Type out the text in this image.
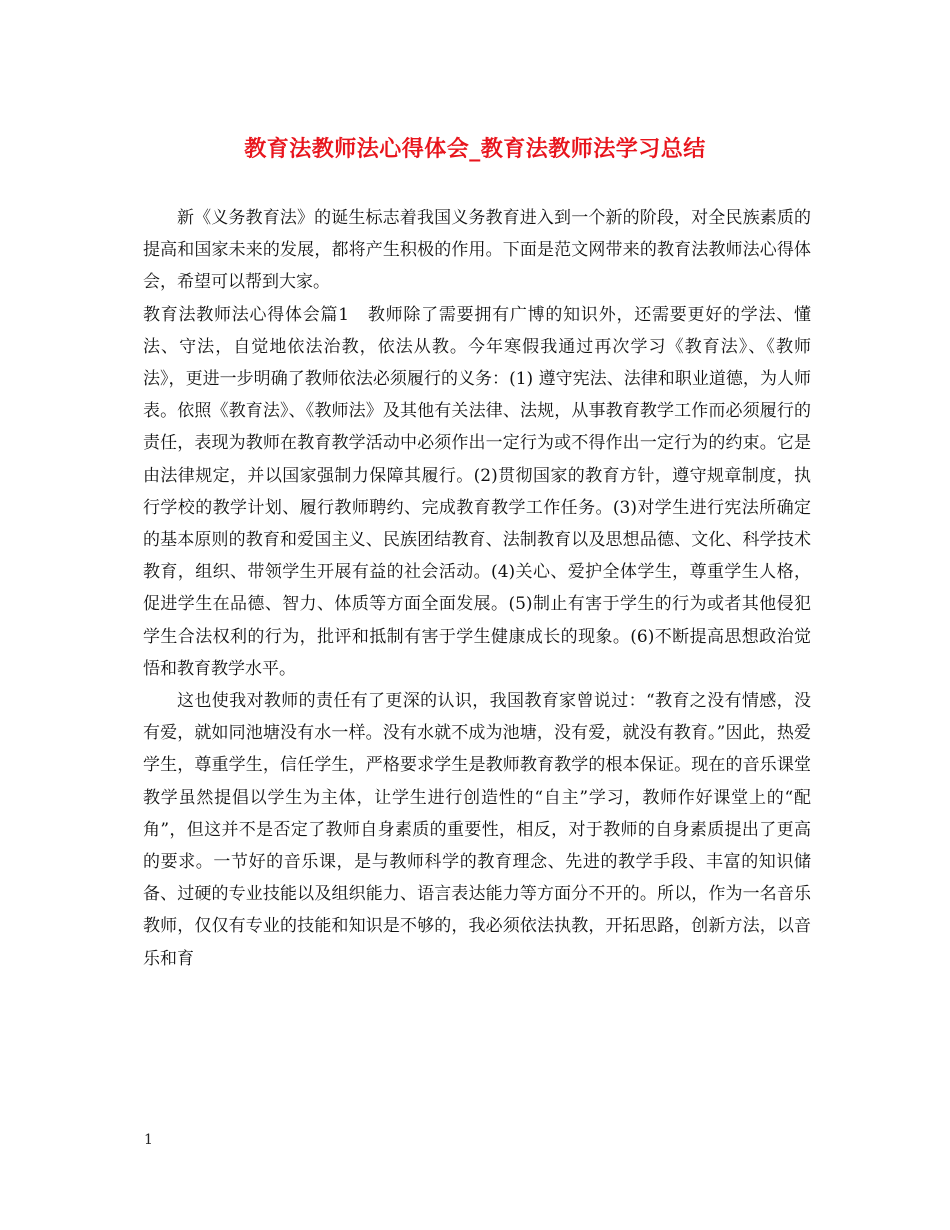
教育法教师法心得体会_教育法教师法学习总结

新《义务教育法》的诞生标志着我国义务教育进入到一个新的阶段，对全民族素质的提高和国家未来的发展，都将产生积极的作用。下面是范文网带来的教育法教师法心得体会，希望可以帮到大家。

教育法教师法心得体会篇1 教师除了需要拥有广博的知识外，还需要更好的学法、懂法、守法，自觉地依法治教，依法从教。今年寒假我通过再次学习《教育法》、《教师法》，更进一步明确了教师依法必须履行的义务：(1) 遵守宪法、法律和职业道德，为人师表。依照《教育法》、《教师法》及其他有关法律、法规，从事教育教学工作而必须履行的责任，表现为教师在教育教学活动中必须作出一定行为或不得作出一定行为的约束。它是由法律规定，并以国家强制力保障其履行。(2)贯彻国家的教育方针，遵守规章制度，执行学校的教学计划、履行教师聘约、完成教育教学工作任务。(3)对学生进行宪法所确定的基本原则的教育和爱国主义、民族团结教育、法制教育以及思想品德、文化、科学技术教育，组织、带领学生开展有益的社会活动。(4)关心、爱护全体学生，尊重学生人格，促进学生在品德、智力、体质等方面全面发展。(5)制止有害于学生的行为或者其他侵犯学生合法权利的行为，批评和抵制有害于学生健康成长的现象。(6)不断提高思想政治觉悟和教育教学水平。

这也使我对教师的责任有了更深的认识，我国教育家曾说过：“教育之没有情感，没有爱，就如同池塘没有水一样。没有水就不成为池塘，没有爱，就没有教育。”因此，热爱学生，尊重学生，信任学生，严格要求学生是教师教育教学的根本保证。现在的音乐课堂教学虽然提倡以学生为主体，让学生进行创造性的“自主”学习，教师作好课堂上的“配角”，但这并不是否定了教师自身素质的重要性，相反，对于教师的自身素质提出了更高的要求。一节好的音乐课，是与教师科学的教育理念、先进的教学手段、丰富的知识储备、过硬的专业技能以及组织能力、语言表达能力等方面分不开的。所以，作为一名音乐教师，仅仅有专业的技能和知识是不够的，我必须依法执教，开拓思路，创新方法，以音乐和育

1
